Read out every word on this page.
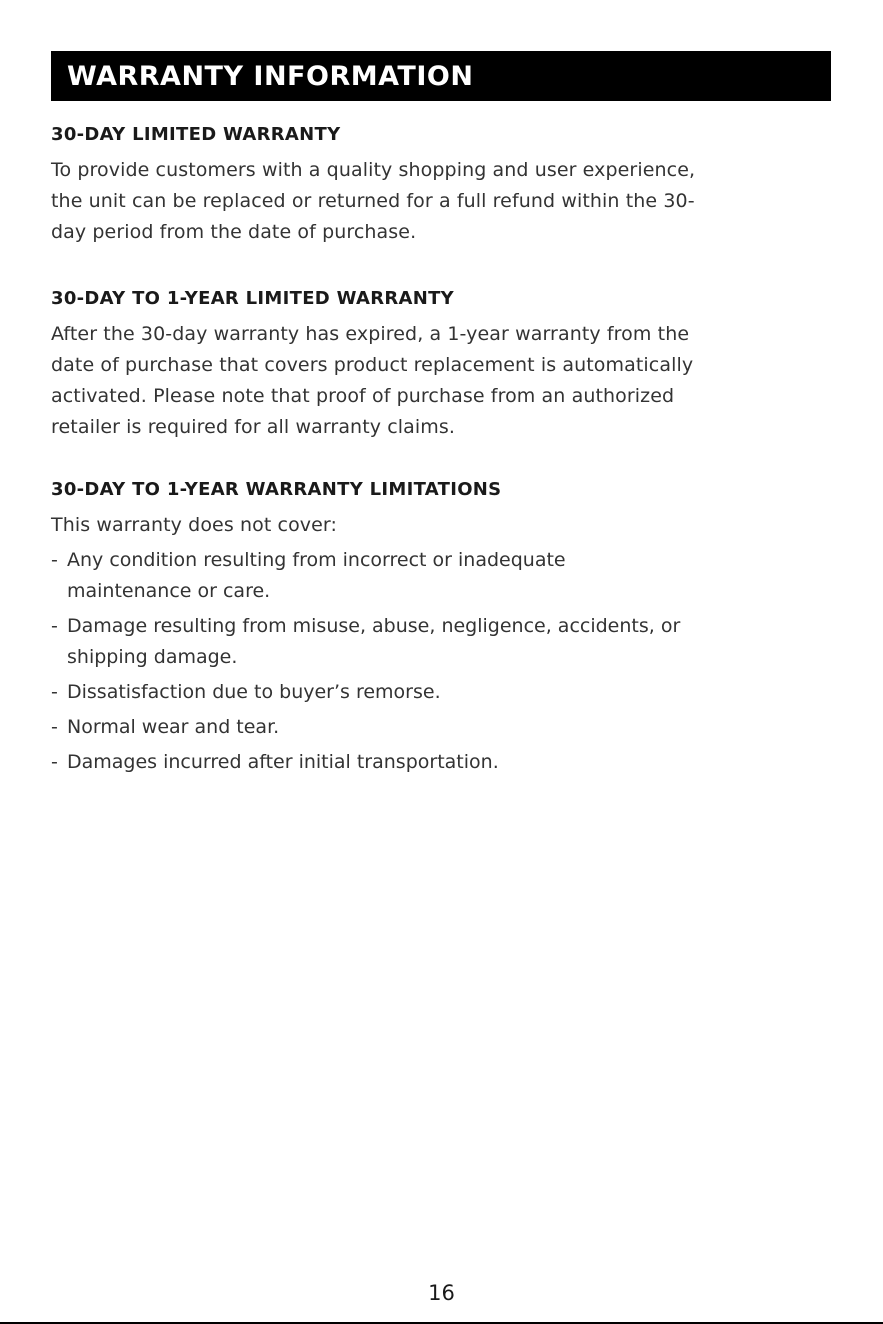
WARRANTY INFORMATION
30-DAY LIMITED WARRANTY

To provide customers with a quality shopping and user experience,
the unit can be replaced or returned for a full refund within the 30-
day period from the date of purchase.

30-DAY TO 1-YEAR LIMITED WARRANTY

After the 30-day warranty has expired, a 1-year warranty from the
date of purchase that covers product replacement is automatically
activated. Please note that proof of purchase from an authorized
retailer is required for all warranty claims.

30-DAY TO 1-YEAR WARRANTY LIMITATIONS

This warranty does not cover:

- Any condition resulting from incorrect or inadequate
maintenance or care.
- Damage resulting from misuse, abuse, negligence, accidents, or
shipping damage.
- Dissatisfaction due to buyer’s remorse.
- Normal wear and tear.
- Damages incurred after initial transportation.
16
